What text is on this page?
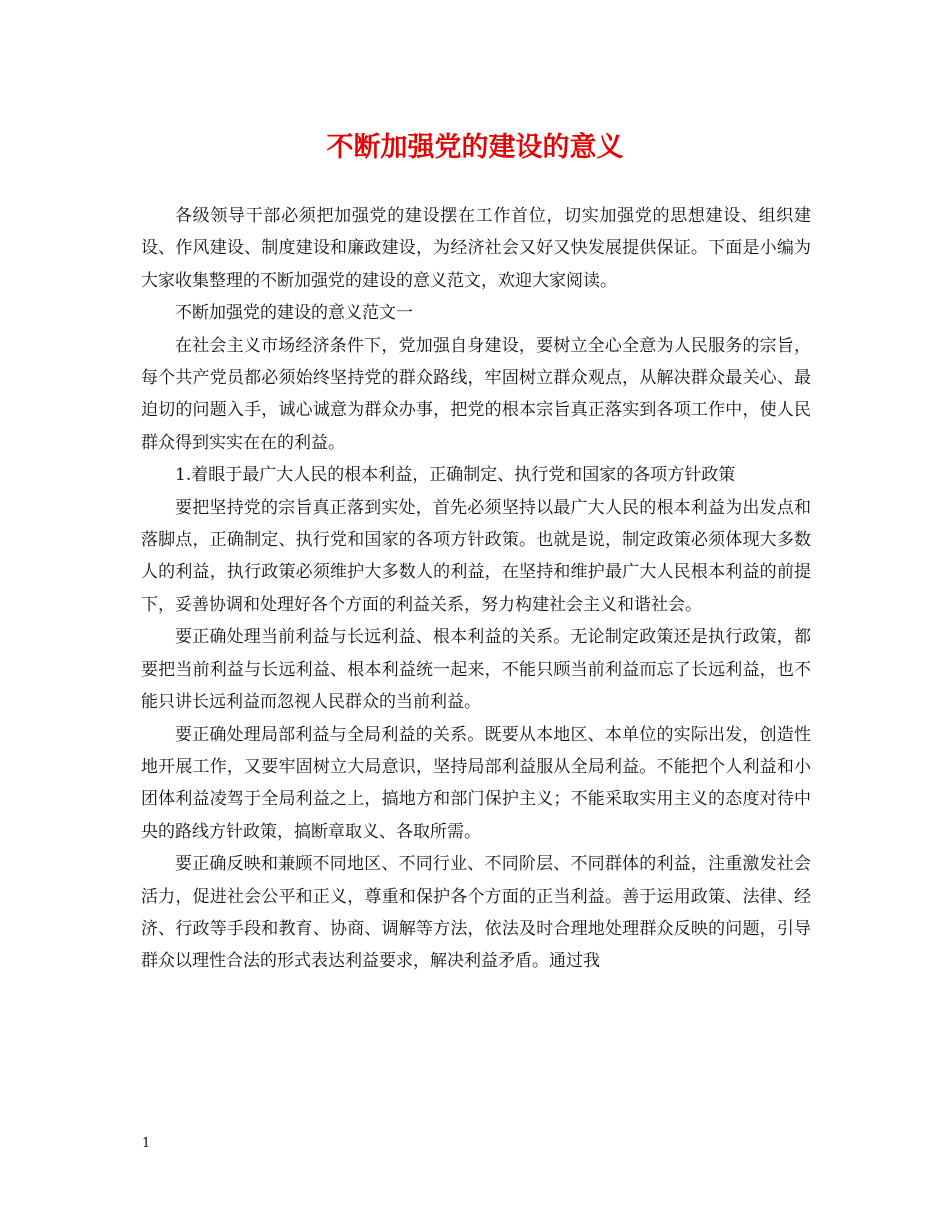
不断加强党的建设的意义

各级领导干部必须把加强党的建设摆在工作首位，切实加强党的思想建设、组织建设、作风建设、制度建设和廉政建设，为经济社会又好又快发展提供保证。下面是小编为大家收集整理的不断加强党的建设的意义范文，欢迎大家阅读。

不断加强党的建设的意义范文一

在社会主义市场经济条件下，党加强自身建设，要树立全心全意为人民服务的宗旨，每个共产党员都必须始终坚持党的群众路线，牢固树立群众观点，从解决群众最关心、最迫切的问题入手，诚心诚意为群众办事，把党的根本宗旨真正落实到各项工作中，使人民群众得到实实在在的利益。

1.着眼于最广大人民的根本利益，正确制定、执行党和国家的各项方针政策

要把坚持党的宗旨真正落到实处，首先必须坚持以最广大人民的根本利益为出发点和落脚点，正确制定、执行党和国家的各项方针政策。也就是说，制定政策必须体现大多数人的利益，执行政策必须维护大多数人的利益，在坚持和维护最广大人民根本利益的前提下，妥善协调和处理好各个方面的利益关系，努力构建社会主义和谐社会。

要正确处理当前利益与长远利益、根本利益的关系。无论制定政策还是执行政策，都要把当前利益与长远利益、根本利益统一起来，不能只顾当前利益而忘了长远利益，也不能只讲长远利益而忽视人民群众的当前利益。

要正确处理局部利益与全局利益的关系。既要从本地区、本单位的实际出发，创造性地开展工作，又要牢固树立大局意识，坚持局部利益服从全局利益。不能把个人利益和小团体利益凌驾于全局利益之上，搞地方和部门保护主义；不能采取实用主义的态度对待中央的路线方针政策，搞断章取义、各取所需。

要正确反映和兼顾不同地区、不同行业、不同阶层、不同群体的利益，注重激发社会活力，促进社会公平和正义，尊重和保护各个方面的正当利益。善于运用政策、法律、经济、行政等手段和教育、协商、调解等方法，依法及时合理地处理群众反映的问题，引导群众以理性合法的形式表达利益要求，解决利益矛盾。通过我

1
